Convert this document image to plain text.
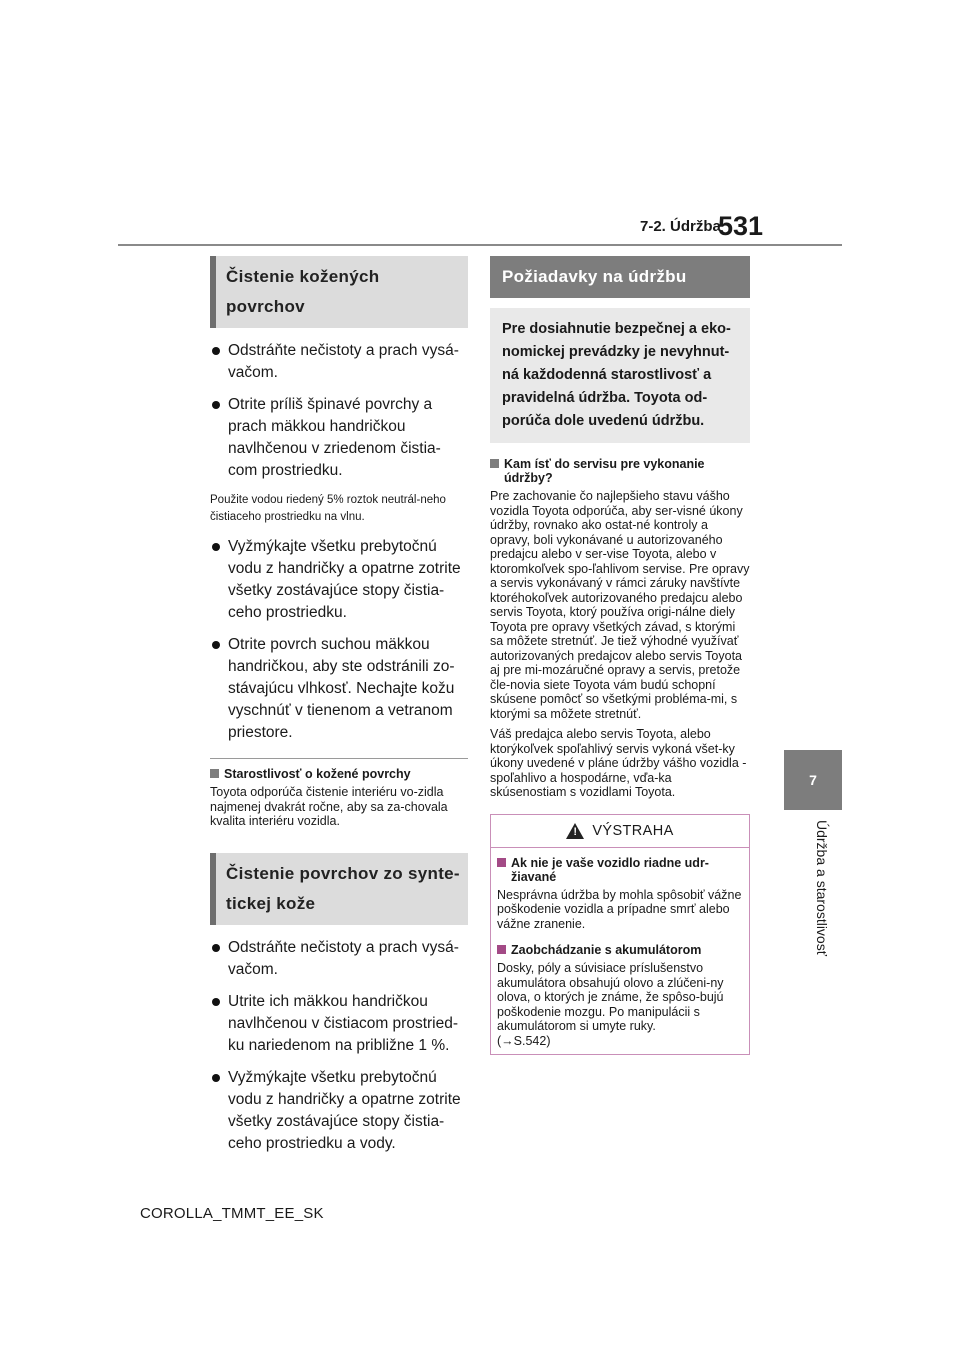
7-2. Údržba
531
7
Údržba a starostlivosť
Čistenie kožených povrchov
Odstráňte nečistoty a prach vysá-vačom.
Otrite príliš špinavé povrchy a prach mäkkou handričkou navlhčenou v zriedenom čistia-com prostriedku.
Použite vodou riedený 5% roztok neutrál-neho čistiaceho prostriedku na vlnu.
Vyžmýkajte všetku prebytočnú vodu z handričky a opatrne zotrite všetky zostávajúce stopy čistia-ceho prostriedku.
Otrite povrch suchou mäkkou handričkou, aby ste odstránili zo-stávajúcu vlhkosť. Nechajte kožu vyschnúť v tienenom a vetranom priestore.
Starostlivosť o kožené povrchy
Toyota odporúča čistenie interiéru vo-zidla najmenej dvakrát ročne, aby sa za-chovala kvalita interiéru vozidla.
Čistenie povrchov zo synte-tickej kože
Odstráňte nečistoty a prach vysá-vačom.
Utrite ich mäkkou handričkou navlhčenou v čistiacom prostried-ku nariedenom na približne 1 %.
Vyžmýkajte všetku prebytočnú vodu z handričky a opatrne zotrite všetky zostávajúce stopy čistia-ceho prostriedku a vody.
Požiadavky na údržbu
Pre dosiahnutie bezpečnej a eko-nomickej prevádzky je nevyhnut-ná každodenná starostlivosť a pravidelná údržba. Toyota od-porúča dole uvedenú údržbu.
Kam ísť do servisu pre vykonanie údržby?
Pre zachovanie čo najlepšieho stavu vášho vozidla Toyota odporúča, aby ser-visné úkony údržby, rovnako ako ostat-né kontroly a opravy, boli vykonávané u autorizovaného predajcu alebo v ser-vise Toyota, alebo v ktoromkoľvek spo-ľahlivom servise. Pre opravy a servis vykonávaný v rámci záruky navštívte ktoréhokoľvek autorizovaného predajcu alebo servis Toyota, ktorý používa origi-nálne diely Toyota pre opravy všetkých závad, s ktorými sa môžete stretnúť. Je tiež výhodné využívať autorizovaných predajcov alebo servis Toyota aj pre mi-mozáručné opravy a servis, pretože čle-novia siete Toyota vám budú schopní skúsene pomôcť so všetkými probléma-mi, s ktorými sa môžete stretnúť.
Váš predajca alebo servis Toyota, alebo ktorýkoľvek spoľahlivý servis vykoná všet-ky úkony uvedené v pláne údržby vášho vozidla - spoľahlivo a hospodárne, vďa-ka skúsenostiam s vozidlami Toyota.
! VÝSTRAHA
Ak nie je vaše vozidlo riadne udr-žiavané
Nesprávna údržba by mohla spôsobiť vážne poškodenie vozidla a prípadne smrť alebo vážne zranenie.
Zaobchádzanie s akumulátorom
Dosky, póly a súvisiace príslušenstvo akumulátora obsahujú olovo a zlúčeni-ny olova, o ktorých je známe, že spôso-bujú poškodenie mozgu. Po manipulácii s akumulátorom si umyte ruky.
(→S.542)
COROLLA_TMMT_EE_SK
